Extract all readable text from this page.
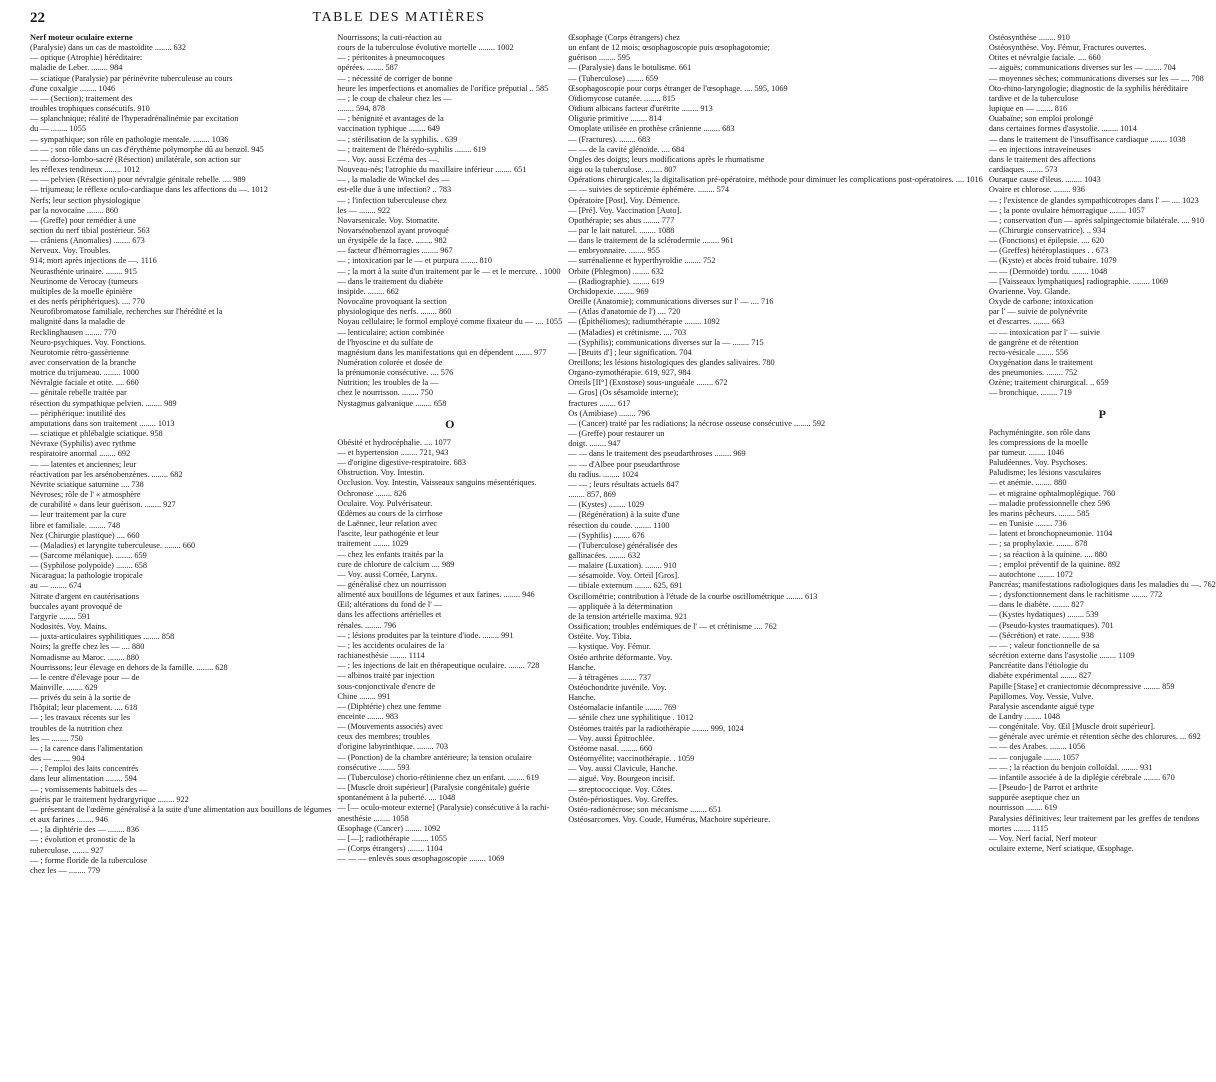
22	TABLE DES MATIÈRES
Nerf moteur oculaire externe
(Paralysie) dans un cas de mastoïdite ........ 632
— optique (Atrophie) héréditaire:
maladie de Leber. ........ 984
— sciatique (Paralysie) par périnévrite tuberculeuse au cours
d'une coxalgie ........ 1046
— — (Section); traitement des
troubles trophiques consécutifs. 910
— splanchnique; réalité de l'hyperadrénalinémie par excitation
du — ........ 1055
— sympathique; son rôle en pathologie mentale. ........ 1036
— — ; son rôle dans un cas d'érythème polymorphe dû au benzol. 945
— — dorso-lombo-sacré (Résection) unilatérale, son action sur
les réflexes tendineux ........ 1012
— — pelvien (Résection) pour névralgie génitale rebelle. .... 989
— trijumeau; le réflexe oculo-cardiaque dans les affections du —. 1012
Nerfs; leur section physiologique
par la novocaïne ........ 860
— (Greffe) pour remédier à une
section du nerf tibial postérieur. 563
— crâniens (Anomalies) ........ 673
Nerveux. Voy. Troubles.
914; mort après injections de —. 1116
Neurasthénie urinaire. ........ 915
Neurinome de Verocay (tumeurs
multiples de la moelle épinière
et des nerfs périphériques). .... 770
Neurofibromatose familiale, recherches sur l'hérédité et la
malignité dans la maladie de
Recklinghausen ........ 770
Neuro-psychiques. Voy. Fonctions.
Neurotomie rétro-gassérienne
avec conservation de la branche
motrice du trijumeau. ........ 1000
Névralgie faciale et otite. .... 660
— génitale rebelle traitée par
résection du sympathique pelvien. ........ 989
— périphérique: inutilité des
amputations dans son traitement ........ 1013
— sciatique et phlébalgie sciatique. 958
Névraxe (Syphilis) avec rythme
respiratoire anormal ........ 692
— — latentes et anciennes; leur
réactivation par les arsénobenzènes. ........ 682
Névrite sciatique saturnine .... 738
Névroses; rôle de l' « atmosphère
de curabilité » dans leur guérison. ........ 927
— leur traitement par la cure
libre et familiale. ........ 748
Nez (Chirurgie plastique) .... 660
— (Maladies) et laryngite tuberculeuse. ........ 660
— (Sarcome mélanique). ........ 659
— (Syphilose polypoïde) ........ 658
Nicaragua; la pathologie tropicale
au — ........ 674
Nitrate d'argent en cautérisations
buccales ayant provoqué de
l'argyrie ........ 591
Nodosités. Voy. Mains.
— juxta-articulaires syphilitiques ........ 858
Noirs; la greffe chez les — .... 880
Nomadisme au Maroc. ........ 880
Nourrissons; leur élevage en dehors de la famille. ........ 628
— le centre d'élevage pour — de
Mainville. ........ 629
— privés du sein à la sortie de
l'hôpital; leur placement. .... 618
— ; les travaux récents sur les
troubles de la nutrition chez
les — ........ 750
— ; la carence dans l'alimentation
des — ........ 904
— ; l'emploi des laits concentrés
dans leur alimentation ........ 594
— ; vomissements habituels des —
guéris par le traitement hydrargyrique ........ 922
— présentant de l'œdème généralisé à la suite d'une alimentation aux bouillons de légumes
et aux farines ........ 946
— ; la diphtérie des — ........ 836
— ; évolution et pronostic de la
tuberculose. ........ 927
— ; forme floride de la tuberculose
chez les — ........ 779
Nourrissons; la cuti-réaction au
cours de la tuberculose évolutive mortelle ........ 1002
— ; péritonites à pneumocoques
opérées. ........ 587
— ; nécessité de corriger de bonne
heure les imperfections et anomalies de l'orifice préputial .. 585
— ; le coup de chaleur chez les —
........ 594, 878
— ; bénignité et avantages de la
vaccination typhique ........ 649
— ; stérilisation de la syphilis. . 639
— ; traitement de l'hérédo-syphilis ........ 619
— . Voy. aussi Eczéma des —.
Nouveau-nés; l'atrophie du maxillaire inférieur ........ 651
— , la maladie de Winckel des —
est-elle due à une infection? .. 783
— ; l'infection tuberculeuse chez
les — ........ 922
Novarsenicale. Voy. Stomatite.
Novarsénobenzol ayant provoqué
un érysipèle de la face. ........ 982
— facteur d'hémorragies ........ 967
— ; intoxication par le — et purpura ........ 810
— ; la mort à la suite d'un traitement par le — et le mercure. . 1000
— dans le traitement du diabète
insipide. ........ 662
Novocaïne provoquant la section
physiologique des nerfs. ........ 860
Noyau cellulaire; le formol employé comme fixateur du — .... 1055
— lenticulaire; action combinée
de l'hyoscine et du sulfate de
magnésium dans les manifestations qui en dépendent ........ 977
Numération colorée et dosée de
la prénumonie consécutive. .... 576
Nutrition; les troubles de la —
chez le nourrisson. ........ 750
Nystagmus galvanique ........ 658
O
Obésité et hydrocéphalie. .... 1077
— et hypertension ........ 721, 943
— d'origine digestive-respiratoire. 683
Obstruction. Voy. Intestin.
Occlusion. Voy. Intestin, Vaisseaux sanguins mésentériques.
Ochronose ........ 826
Oculaire. Voy. Pulvérisateur.
Œdèmes au cours de la cirrhose
de Laënnec, leur relation avec
l'ascite, leur pathogénie et leur
traitement ........ 1029
— chez les enfants traités par la
cure de chlorure de calcium .... 989
— Voy. aussi Cornée, Larynx.
— généralisé chez un nourrisson
alimenté aux bouillons de légumes et aux farines. ........ 946
Œil; altérations du fond de l' —
dans les affections artérielles et
rénales. ........ 796
— ; lésions produites par la teinture d'iode. ........ 991
— ; les accidents oculaires de la
rachianesthésie ........ 1114
— ; les injections de lait en thérapeutique oculaire. ........ 728
— albinos traité par injection
sous-conjonctivale d'encre de
Chine ........ 991
— (Diphtérie) chez une femme
enceinte ........ 983
— (Mouvements associés) avec
ceux des membres; troubles
d'origine labyrinthique. ........ 703
— (Ponction) de la chambre antérieure; la tension oculaire
consécutive ........ 593
— (Tuberculose) chorio-rétinienne chez un enfant. ........ 619
— [Muscle droit supérieur] (Paralysie congénitale) guérie
spontanément à la puberté. .... 1048
— [— oculo-moteur externe] (Paralysie) consécutive à la rachi-
anesthésie ........ 1058
Œsophage (Cancer) ........ 1092
— [—]; radiothérapie ........ 1055
— (Corps étrangers) ........ 1104
— — — enlevés sous œsophagoscopie ........ 1069
Œsophage (Corps étrangers) chez
un enfant de 12 mois; œsophagoscopie puis œsophagotomie;
guérison ........ 595
— (Paralysie) dans le botulisme. 661
— (Tuberculose) ........ 659
Œsophagoscopie pour corps étranger de l'œsophage. .... 595, 1069
Oïdiomycose cutanée. ........ 815
Oïdium albicans facteur d'urétrite ........ 913
Oligurie primitive ........ 814
Omoplate utilisée en prothèse crânienne ........ 683
— (Fractures). ........ 683
— — de la cavité glénoïde. .... 684
Ongles des doigts; leurs modifications après le rhumatisme
aigu ou la tuberculose. ........ 807
Opérations chirurgicales; la digitalisation pré-opératoire, méthode pour diminuer les complications post-opératoires. .... 1016
— — suivies de septicémie éphémère. ........ 574
Opératoire [Post]. Voy. Démence.
— [Pré]. Voy. Vaccination [Auto].
Opothérapie; ses abus ........ 777
— par le lait naturel. ........ 1088
— dans le traitement de la sclérodermie ........ 961
— embryonnaire. ........ 955
— surrénalienne et hyperthyroïdie ........ 752
Orbite (Phlegmon) ........ 632
— (Radiographie). ........ 619
Orchidopexie. ........ 969
Oreille (Anatomie); communications diverses sur l' — .... 716
— (Atlas d'anatomie de l') .... 720
— (Épithéliomes); radiumthérapie ........ 1092
— (Maladies) et crétinisme. .... 703
— (Syphilis); communications diverses sur la — ........ 715
— [Bruits d'] ; leur signification. 704
Oreillons; les lésions histologiques des glandes salivaires. 780
Organo-zymothérapie. 619, 927, 984
Orteils [II°] (Exostose) sous-unguéale ........ 672
— Gros] (Os sésamoïde interne);
fractures ........ 617
Os (Amibiase) ........ 796
— (Cancer) traité par les radiations; la nécrose osseuse consécutive ........ 592
— (Greffe) pour restaurer un
doigt. ........ 947
— — dans le traitement des pseudarthroses ........ 969
— — d'Albee pour pseudarthrose
du radius. ........ 1024
— — ; leurs résultats actuels 847
........ 857, 869
— (Kystes) ........ 1029
— (Régénération) à la suite d'une
résection du coude. ........ 1100
— (Syphilis) ........ 676
— (Tuberculose) généralisée des
gallinacées. ........ 632
— malaire (Luxation). ........ 910
— sésamoïde. Voy. Orteil [Gros].
— tibiale externum ........ 625, 691
Oscillométrie; contribution à l'étude de la courbe oscillométrique ........ 613
— appliquée à la détermination
de la tension artérielle maxima. 921
Ossification; troubles endémiques de l' — et crétinisme .... 762
Ostéite. Voy. Tibia.
— kystique. Voy. Fémur.
Ostéo arthrite déformante. Voy.
Hanche.
— à tétragènes ........ 737
Ostéochondrite juvénile. Voy.
Hanche.
Ostéomalacie infantile ........ 769
— sénile chez une syphilitique . 1012
Ostéomes traités par la radiothérapie ........ 999, 1024
— Voy. aussi Épitrochlée.
Ostéome nasal. ........ 660
Ostéomyélite; vaccinothérapie. . 1059
— Voy. aussi Clavicule, Hanche.
— aiguë. Voy. Bourgeon incisif.
— streptococcique. Voy. Côtes.
Ostéo-périostiques. Voy. Greffes.
Ostéo-radionécrose; son mécanisme ........ 651
Ostéosarcomes. Voy. Coude, Humérus, Machoire supérieure.
Ostéosynthèse ........ 910
Ostéosynthèse. Voy. Fémur, Fractures ouvertes.
Otites et névralgie faciale. .... 660
— aiguës; communications diverses sur les — ........ 704
— moyennes sèches; communications diverses sur les — .... 708
Oto-rhino-laryngologie; diagnostic de la syphilis héréditaire
tardive et de la tuberculose
lupique en — ........ 816
Ouabaïne; son emploi prolongé
dans certaines formes d'asystolie. ........ 1014
— dans le traitement de l'insuffisance cardiaque ........ 1038
— en injections intraveineuses
dans le traitement des affections
cardiaques ........ 573
Ouraque cause d'ileus. ........ 1043
Ovaire et chlorose. ........ 936
— ; l'existence de glandes sympathicotropes dans l' — .... 1023
— ; la ponte ovulaire hémorragique ........ 1057
— ; conservation d'un — après salpingectomie bilatérale. .... 910
— (Chirurgie conservatrice). .. 934
— (Fonctions) et épilepsie. .... 620
— (Greffes) hétéroplastiques . . 673
— (Kyste) et abcès froid tubaire. 1079
— — (Dermoïde) tordu. ........ 1048
— [Vaisseaux lymphatiques] radiographie. ........ 1069
Ovarienne. Voy. Glande.
Oxyde de carbone; intoxication
par l' — suivie de polynévrite
et d'escarres. ........ 663
— — intoxication par l' — suivie
de gangrène et de rétention
recto-vésicale ........ 556
Oxygénation dans le traitement
des pneumonies. ........ 752
Ozène; traitement chirurgical. .. 659
— bronchique. ........ 719
P
Pachyméningite. son rôle dans
les compressions de la moelle
par tumeur. ........ 1046
Paludéennes. Voy. Psychoses.
Paludisme; les lésions vasculaires
— et anémie. ........ 880
— et migraine ophtalmoplégique. 760
— maladie professionnelle chez 596
les marins pêcheurs. ........ 585
— en Tunisie ........ 736
— latent et bronchopneumonie. 1104
— ; sa prophylaxie. ........ 878
— ; sa réaction à la quinine. .... 880
— ; emploi préventif de la quinine. 892
— autochtone ........ 1072
Pancréas; manifestations radiologiques dans les maladies du —. 762
— ; dysfonctionnement dans le rachitisme ........ 772
— dans le diabète. ........ 827
— (Kystes hydatiques) ........ 539
— (Pseudo-kystes traumatiques). 701
— (Sécrétion) et rate. ........ 938
— — ; valeur fonctionnelle de sa
sécrétion externe dans l'asystolie ........ 1109
Pancréatite dans l'étiologie du
diabète expérimental ........ 827
Papille [Stase] et craniectomie décompressive ........ 859
Papillomes. Voy. Vessie, Vulve.
Paralysie ascendante aiguë type
de Landry ........ 1048
— congénitale. Voy. Œil [Muscle droit supérieur].
— générale avec urémie et rétention sèche des chlorures. ... 692
— — des Arabes. ........ 1056
— — conjugale ........ 1057
— — ; la réaction du benjoin colloïdal. ........ 931
— infantile associée à de la diplégie cérébrale ........ 670
— [Pseudo-] de Parrot et arthrite
suppurée aseptique chez un
nourrisson ........ 619
Paralysies définitives; leur traitement par les greffes de tendons
mortes ........ 1115
— Voy. Nerf facial, Nerf moteur
oculaire externe, Nerf sciatique, Œsophage.
